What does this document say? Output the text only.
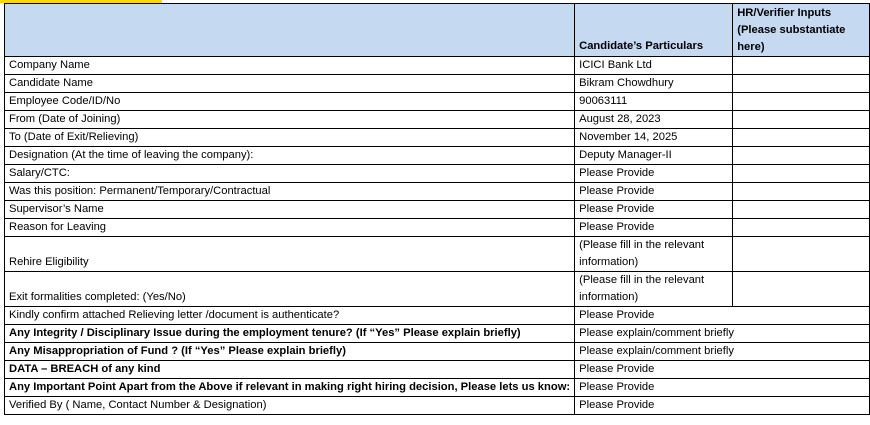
	Candidate’s Particulars	HR/Verifier Inputs (Please substantiate here)
Company Name	ICICI Bank Ltd	
Candidate Name	Bikram Chowdhury	
Employee Code/ID/No	90063111	
From (Date of Joining)	August 28, 2023	
To (Date of Exit/Relieving)	November 14, 2025	
Designation (At the time of leaving the company):	Deputy Manager-II	
Salary/CTC:	Please Provide	
Was this position: Permanent/Temporary/Contractual	Please Provide	
Supervisor’s Name	Please Provide	
Reason for Leaving	Please Provide	
Rehire Eligibility	(Please fill in the relevant information)	
Exit formalities completed: (Yes/No)	(Please fill in the relevant information)	
Kindly confirm attached Relieving letter /document is authenticate?	Please Provide	
Any Integrity / Disciplinary Issue during the employment tenure? (If “Yes” Please explain briefly)	Please explain/comment briefly	
Any Misappropriation of Fund ? (If “Yes” Please explain briefly)	Please explain/comment briefly	
DATA – BREACH of any kind	Please Provide	
Any Important Point Apart from the Above if relevant in making right hiring decision, Please lets us know:	Please Provide	
Verified By ( Name, Contact Number & Designation)	Please Provide	
